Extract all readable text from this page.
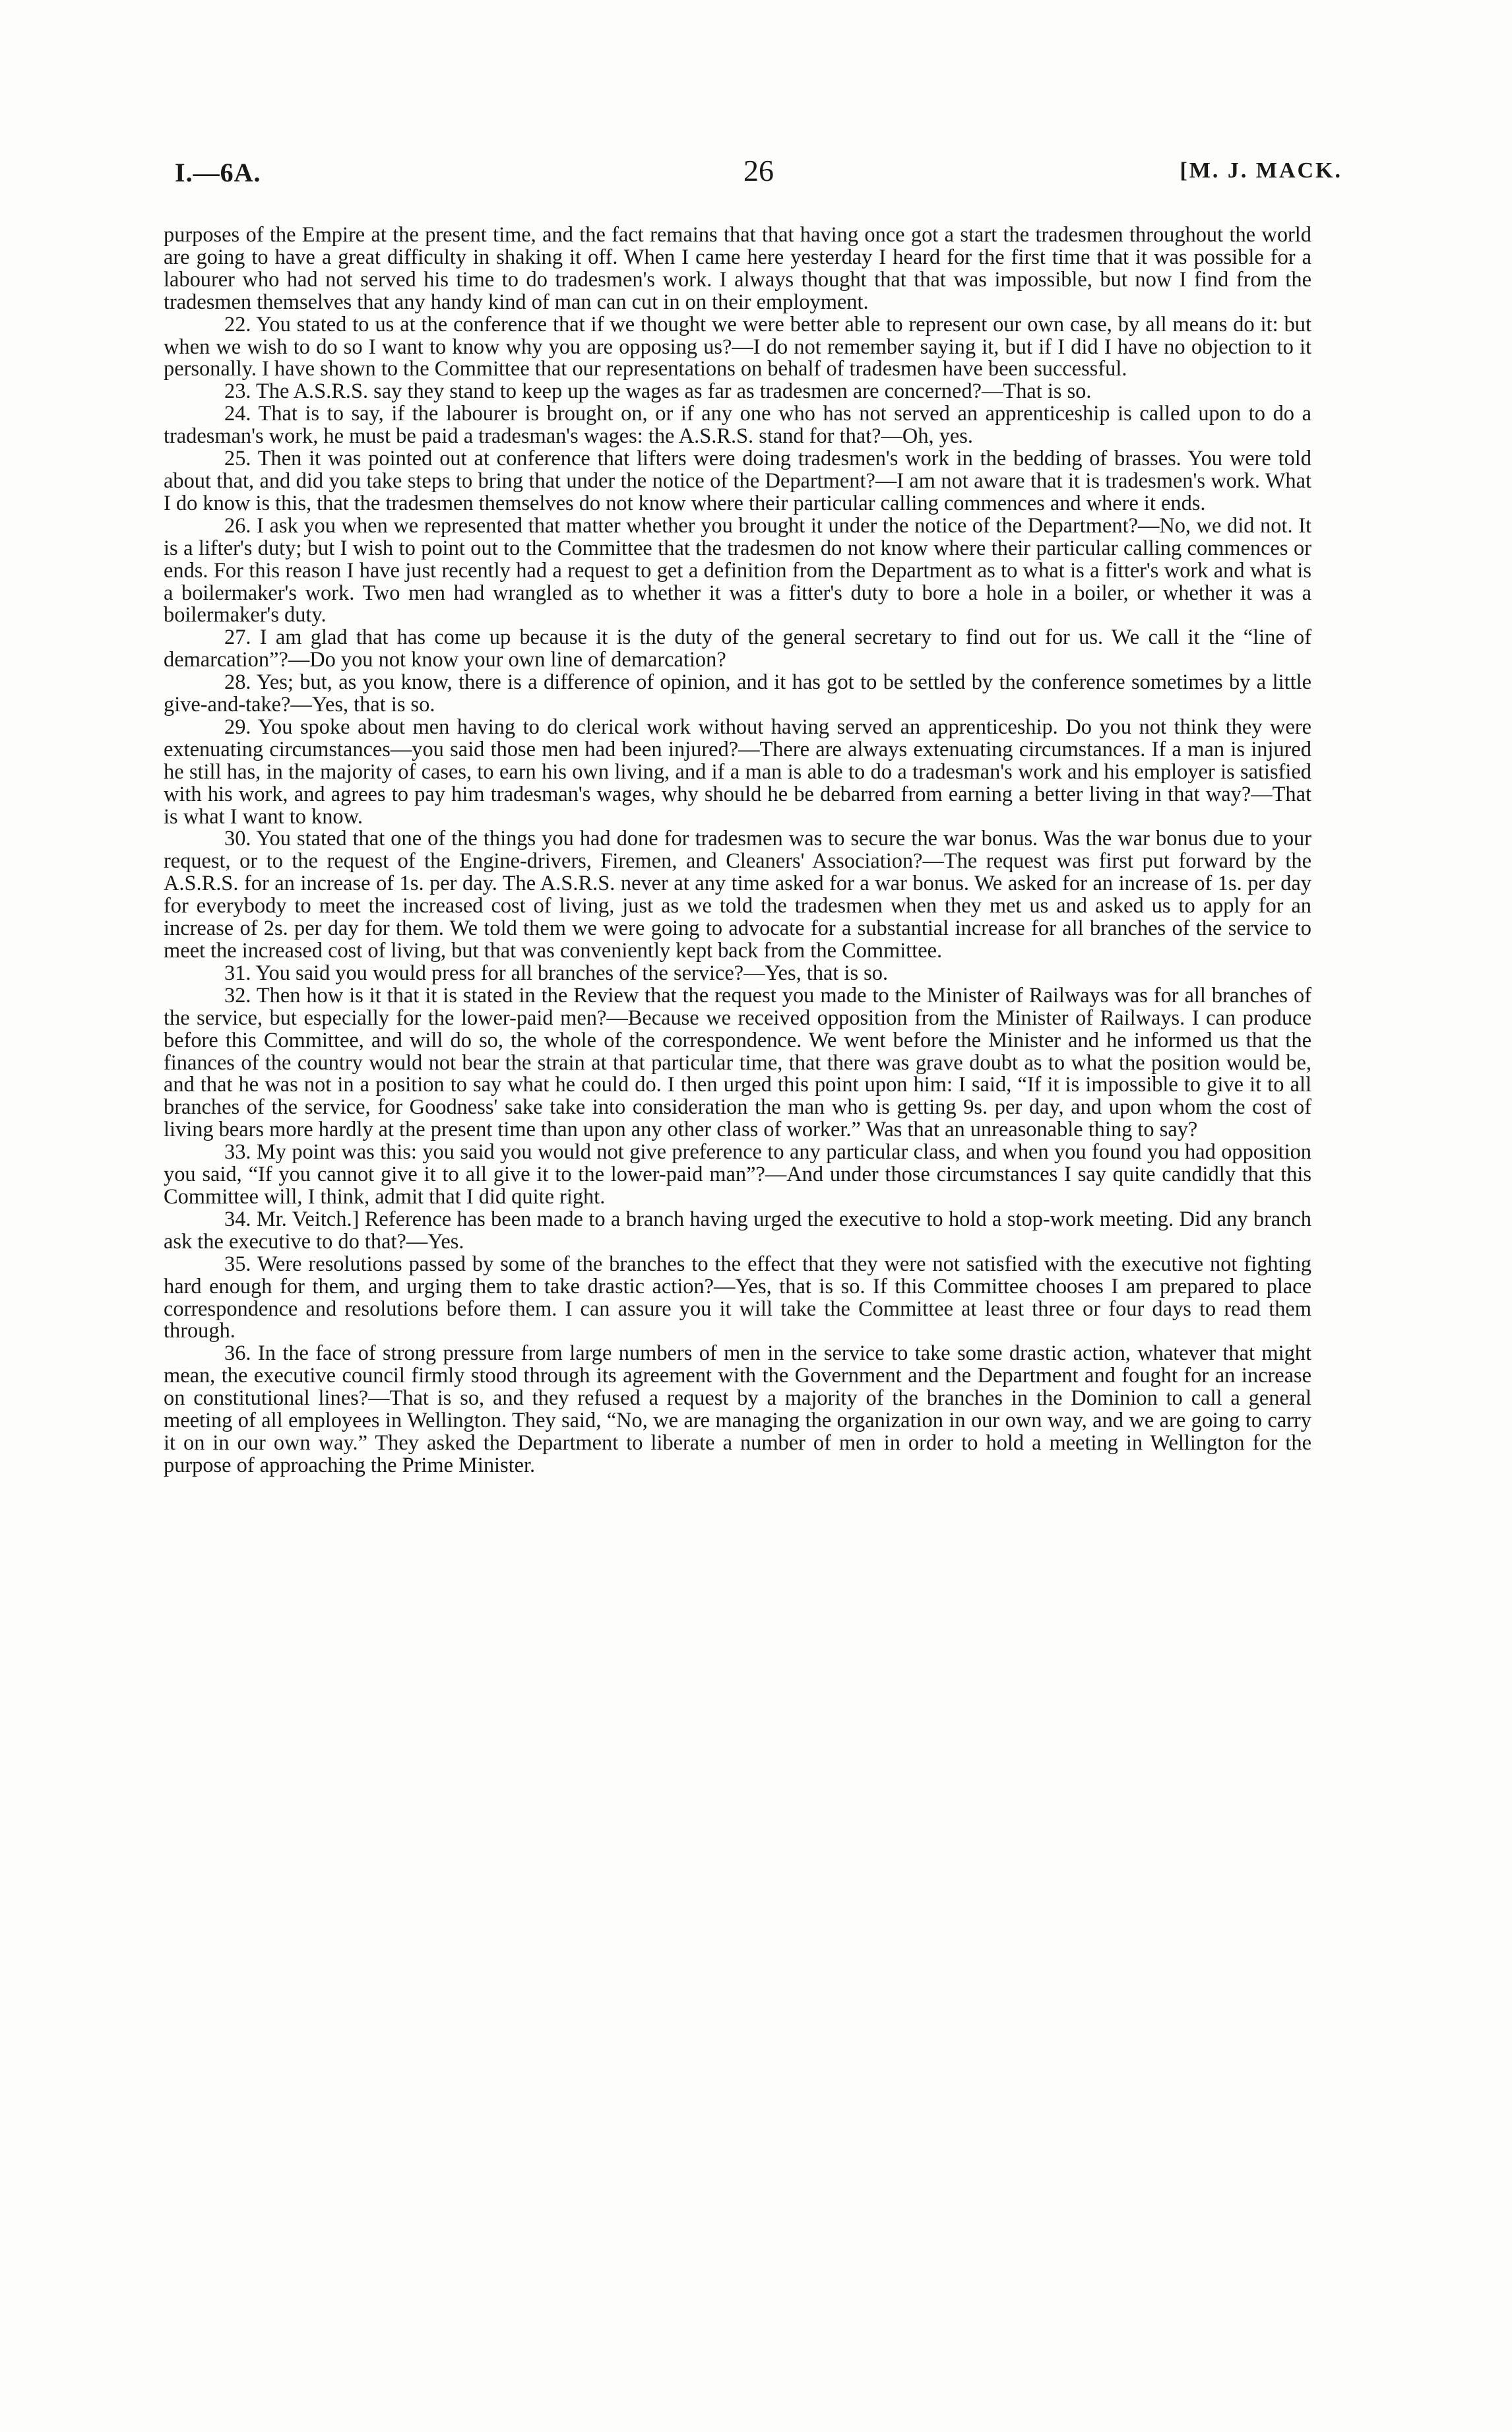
I.—6A.	26	[M. J. MACK.

purposes of the Empire at the present time, and the fact remains that that having once got a start the tradesmen throughout the world are going to have a great difficulty in shaking it off. When I came here yesterday I heard for the first time that it was possible for a labourer who had not served his time to do tradesmen's work. I always thought that that was impossible, but now I find from the tradesmen themselves that any handy kind of man can cut in on their employment.

22. You stated to us at the conference that if we thought we were better able to represent our own case, by all means do it: but when we wish to do so I want to know why you are opposing us?—I do not remember saying it, but if I did I have no objection to it personally. I have shown to the Committee that our representations on behalf of tradesmen have been successful.

23. The A.S.R.S. say they stand to keep up the wages as far as tradesmen are concerned?—That is so.

24. That is to say, if the labourer is brought on, or if any one who has not served an apprenticeship is called upon to do a tradesman's work, he must be paid a tradesman's wages: the A.S.R.S. stand for that?—Oh, yes.

25. Then it was pointed out at conference that lifters were doing tradesmen's work in the bedding of brasses. You were told about that, and did you take steps to bring that under the notice of the Department?—I am not aware that it is tradesmen's work. What I do know is this, that the tradesmen themselves do not know where their particular calling commences and where it ends.

26. I ask you when we represented that matter whether you brought it under the notice of the Department?—No, we did not. It is a lifter's duty; but I wish to point out to the Committee that the tradesmen do not know where their particular calling commences or ends. For this reason I have just recently had a request to get a definition from the Department as to what is a fitter's work and what is a boilermaker's work. Two men had wrangled as to whether it was a fitter's duty to bore a hole in a boiler, or whether it was a boilermaker's duty.

27. I am glad that has come up because it is the duty of the general secretary to find out for us. We call it the “line of demarcation”?—Do you not know your own line of demarcation?

28. Yes; but, as you know, there is a difference of opinion, and it has got to be settled by the conference sometimes by a little give-and-take?—Yes, that is so.

29. You spoke about men having to do clerical work without having served an apprenticeship. Do you not think they were extenuating circumstances—you said those men had been injured?—There are always extenuating circumstances. If a man is injured he still has, in the majority of cases, to earn his own living, and if a man is able to do a tradesman's work and his employer is satisfied with his work, and agrees to pay him tradesman's wages, why should he be debarred from earning a better living in that way?—That is what I want to know.

30. You stated that one of the things you had done for tradesmen was to secure the war bonus. Was the war bonus due to your request, or to the request of the Engine-drivers, Firemen, and Cleaners' Association?—The request was first put forward by the A.S.R.S. for an increase of 1s. per day. The A.S.R.S. never at any time asked for a war bonus. We asked for an increase of 1s. per day for everybody to meet the increased cost of living, just as we told the tradesmen when they met us and asked us to apply for an increase of 2s. per day for them. We told them we were going to advocate for a substantial increase for all branches of the service to meet the increased cost of living, but that was conveniently kept back from the Committee.

31. You said you would press for all branches of the service?—Yes, that is so.

32. Then how is it that it is stated in the Review that the request you made to the Minister of Railways was for all branches of the service, but especially for the lower-paid men?—Because we received opposition from the Minister of Railways. I can produce before this Committee, and will do so, the whole of the correspondence. We went before the Minister and he informed us that the finances of the country would not bear the strain at that particular time, that there was grave doubt as to what the position would be, and that he was not in a position to say what he could do. I then urged this point upon him: I said, “If it is impossible to give it to all branches of the service, for Goodness' sake take into consideration the man who is getting 9s. per day, and upon whom the cost of living bears more hardly at the present time than upon any other class of worker.” Was that an unreasonable thing to say?

33. My point was this: you said you would not give preference to any particular class, and when you found you had opposition you said, “If you cannot give it to all give it to the lower-paid man”?—And under those circumstances I say quite candidly that this Committee will, I think, admit that I did quite right.

34. Mr. Veitch.] Reference has been made to a branch having urged the executive to hold a stop-work meeting. Did any branch ask the executive to do that?—Yes.

35. Were resolutions passed by some of the branches to the effect that they were not satisfied with the executive not fighting hard enough for them, and urging them to take drastic action?—Yes, that is so. If this Committee chooses I am prepared to place correspondence and resolutions before them. I can assure you it will take the Committee at least three or four days to read them through.

36. In the face of strong pressure from large numbers of men in the service to take some drastic action, whatever that might mean, the executive council firmly stood through its agreement with the Government and the Department and fought for an increase on constitutional lines?—That is so, and they refused a request by a majority of the branches in the Dominion to call a general meeting of all employees in Wellington. They said, “No, we are managing the organization in our own way, and we are going to carry it on in our own way.” They asked the Department to liberate a number of men in order to hold a meeting in Wellington for the purpose of approaching the Prime Minister.
